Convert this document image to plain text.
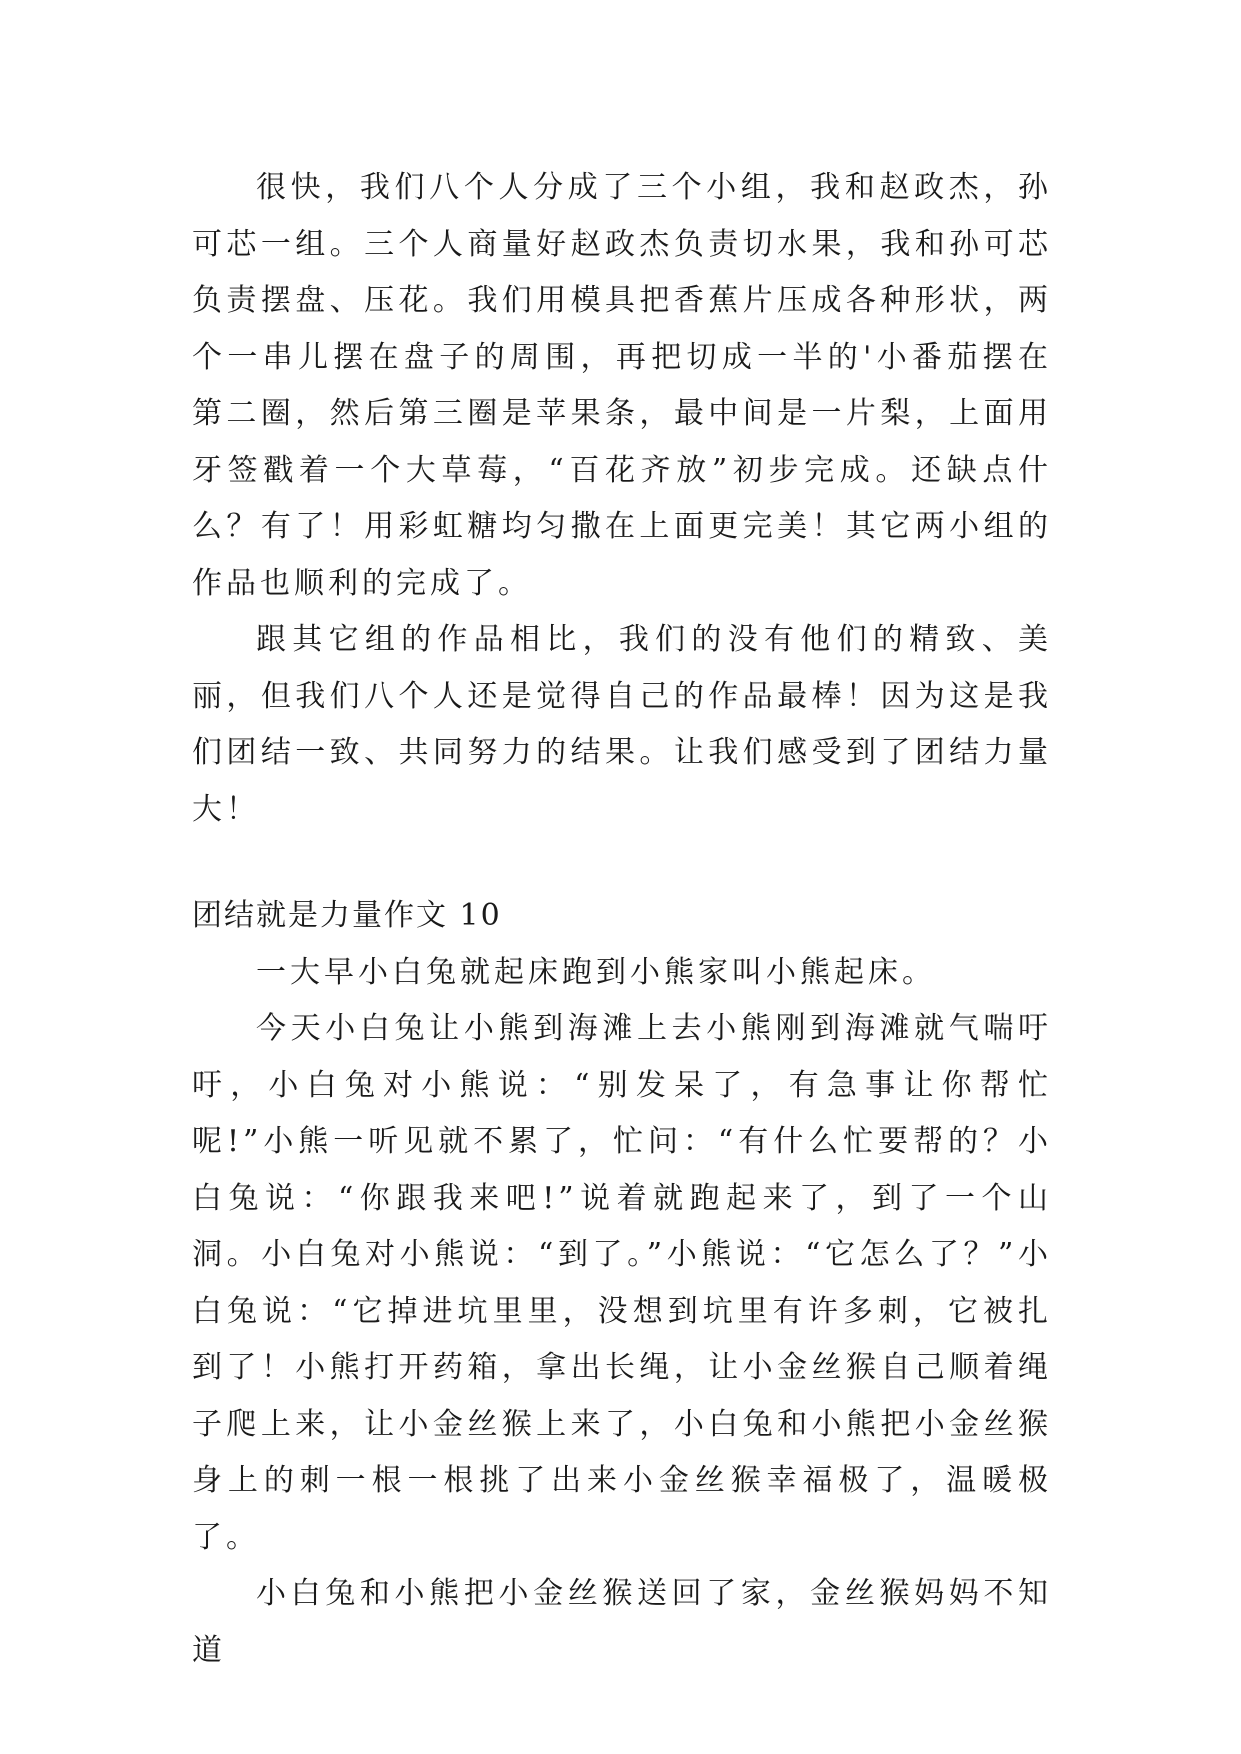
很快，我们八个人分成了三个小组，我和赵政杰，孙可芯一组。三个人商量好赵政杰负责切水果，我和孙可芯负责摆盘、压花。我们用模具把香蕉片压成各种形状，两个一串儿摆在盘子的周围，再把切成一半的'小番茄摆在第二圈，然后第三圈是苹果条，最中间是一片梨，上面用牙签戳着一个大草莓，“百花齐放”初步完成。还缺点什么？有了！用彩虹糖均匀撒在上面更完美！其它两小组的作品也顺利的完成了。

跟其它组的作品相比，我们的没有他们的精致、美丽，但我们八个人还是觉得自己的作品最棒！因为这是我们团结一致、共同努力的结果。让我们感受到了团结力量大！

团结就是力量作文 10

一大早小白兔就起床跑到小熊家叫小熊起床。

今天小白兔让小熊到海滩上去小熊刚到海滩就气喘吁吁，小白兔对小熊说：“别发呆了，有急事让你帮忙呢!”小熊一听见就不累了，忙问：“有什么忙要帮的？小白兔说：“你跟我来吧!”说着就跑起来了，到了一个山洞。小白兔对小熊说：“到了。”小熊说：“它怎么了？”小白兔说：“它掉进坑里里，没想到坑里有许多刺，它被扎到了！小熊打开药箱，拿出长绳，让小金丝猴自己顺着绳子爬上来，让小金丝猴上来了，小白兔和小熊把小金丝猴身上的刺一根一根挑了出来小金丝猴幸福极了，温暖极了。

小白兔和小熊把小金丝猴送回了家，金丝猴妈妈不知道
